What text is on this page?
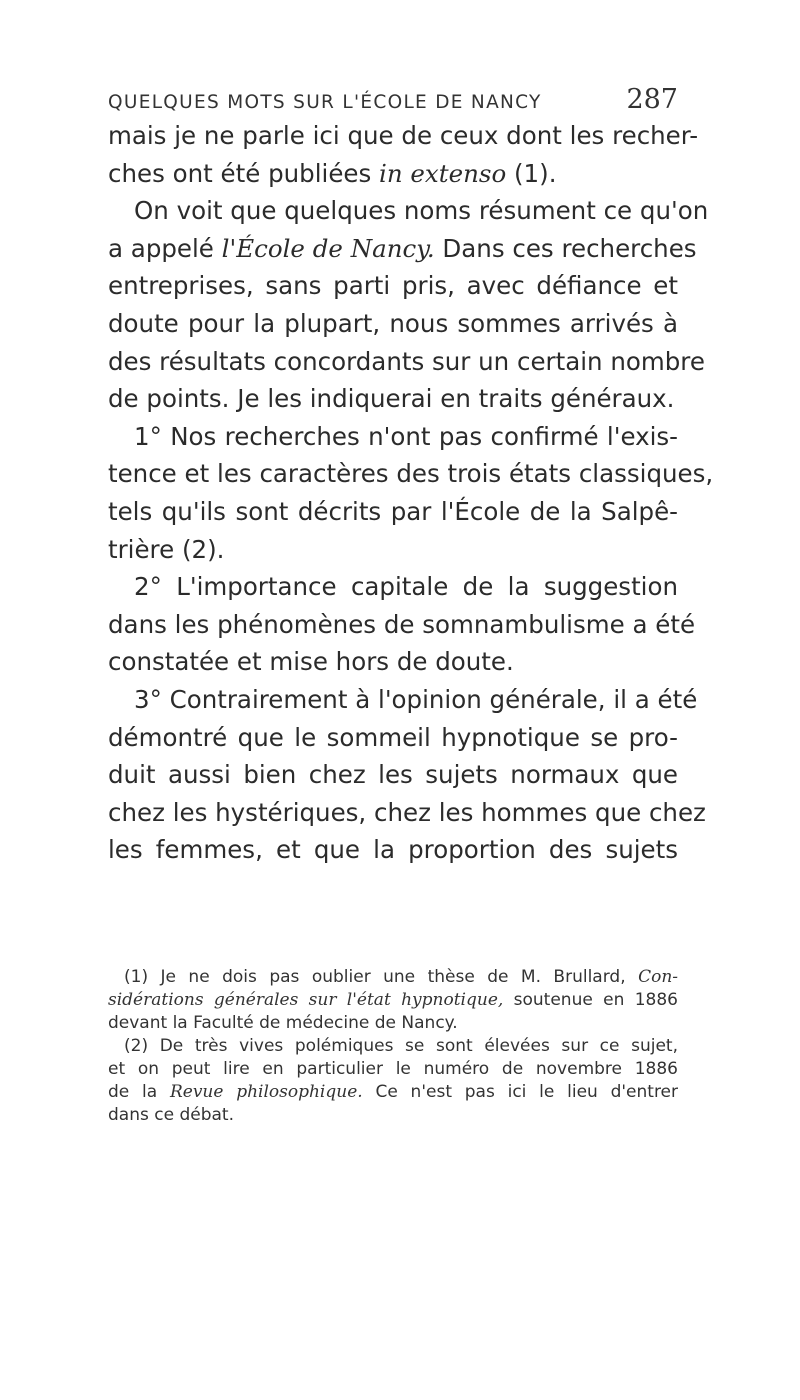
QUELQUES MOTS SUR L'ÉCOLE DE NANCY	287
mais je ne parle ici que de ceux dont les recher-
ches ont été publiées in extenso (1).
On voit que quelques noms résument ce qu'on
a appelé l'École de Nancy. Dans ces recherches
entreprises, sans parti pris, avec défiance et
doute pour la plupart, nous sommes arrivés à
des résultats concordants sur un certain nombre
de points. Je les indiquerai en traits généraux.
1° Nos recherches n'ont pas confirmé l'exis-
tence et les caractères des trois états classiques,
tels qu'ils sont décrits par l'École de la Salpê-
trière (2).
2° L'importance capitale de la suggestion
dans les phénomènes de somnambulisme a été
constatée et mise hors de doute.
3° Contrairement à l'opinion générale, il a été
démontré que le sommeil hypnotique se pro-
duit aussi bien chez les sujets normaux que
chez les hystériques, chez les hommes que chez
les femmes, et que la proportion des sujets
(1) Je ne dois pas oublier une thèse de M. Brullard, Con-
sidérations générales sur l'état hypnotique, soutenue en 1886
devant la Faculté de médecine de Nancy.
(2) De très vives polémiques se sont élevées sur ce sujet,
et on peut lire en particulier le numéro de novembre 1886
de la Revue philosophique. Ce n'est pas ici le lieu d'entrer
dans ce débat.
